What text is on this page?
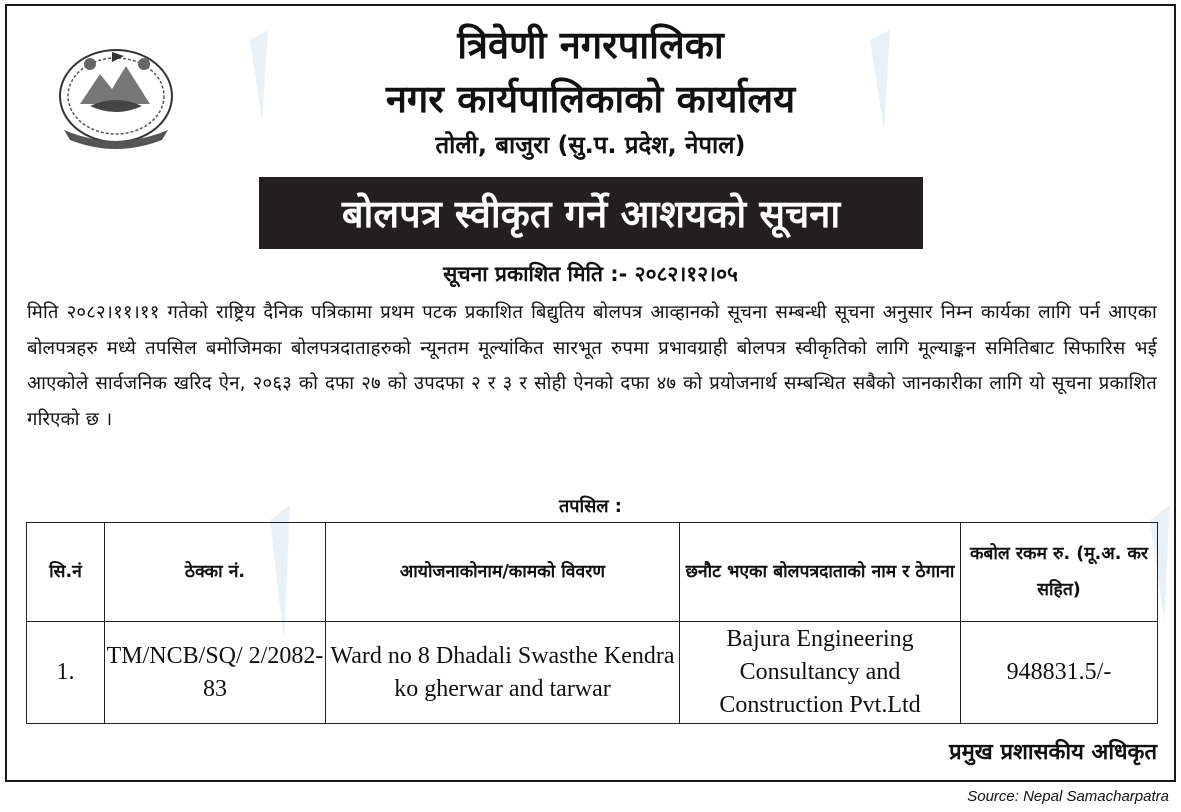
त्रिवेणी नगरपालिका
नगर कार्यपालिकाको कार्यालय
तोली, बाजुरा (सु.प. प्रदेश, नेपाल)
बोलपत्र स्वीकृत गर्ने आशयको सूचना
सूचना प्रकाशित मिति :- २०८२।१२।०५
मिति २०८२।११।११ गतेको राष्ट्रिय दैनिक पत्रिकामा प्रथम पटक प्रकाशित बिद्युतिय बोलपत्र आव्हानको सूचना सम्बन्धी सूचना अनुसार निम्न कार्यका लागि पर्न आएका बोलपत्रहरु मध्ये तपसिल बमोजिमका बोलपत्रदाताहरुको न्यूनतम मूल्यांकित सारभूत रुपमा प्रभावग्राही बोलपत्र स्वीकृतिको लागि मूल्याङ्कन समितिबाट सिफारिस भई आएकोले सार्वजनिक खरिद ऐन, २०६३ को दफा २७ को उपदफा २ र ३ र सोही ऐनको दफा ४७ को प्रयोजनार्थ सम्बन्धित सबैको जानकारीका लागि यो सूचना प्रकाशित गरिएको छ ।
तपसिल :
सि.नं	ठेक्का नं.	आयोजनाकोनाम/कामको विवरण	छनौट भएका बोलपत्रदाताको नाम र ठेगाना	कबोल रकम रु. (मू.अ. कर सहित)
1.	TM/NCB/SQ/ 2/2082-83	Ward no 8 Dhadali Swasthe Kendra ko gherwar and tarwar	Bajura Engineering Consultancy and Construction Pvt.Ltd	948831.5/-
प्रमुख प्रशासकीय अधिकृत
Source: Nepal Samacharpatra
